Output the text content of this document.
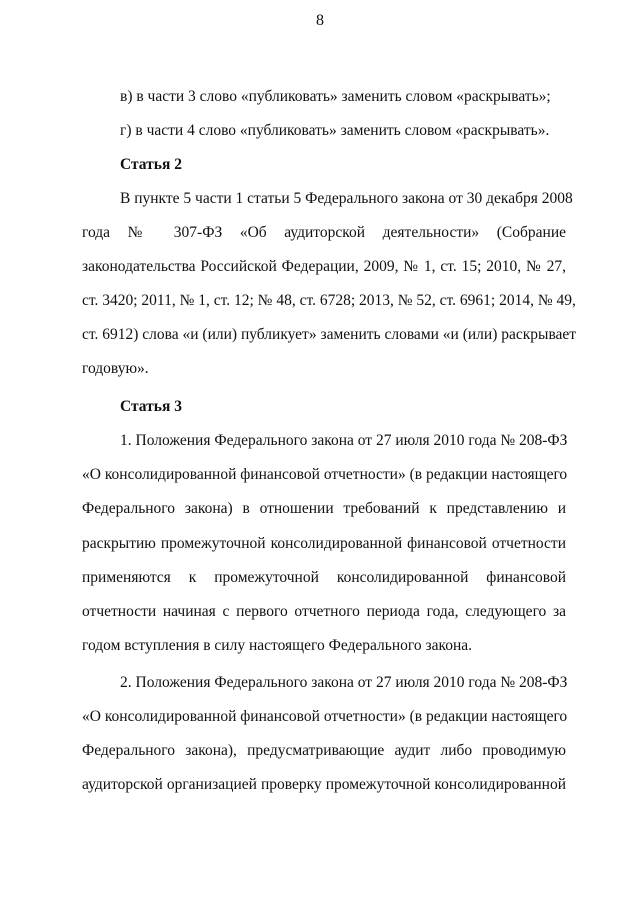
8
в) в части 3 слово «публиковать» заменить словом «раскрывать»;
г) в части 4 слово «публиковать» заменить словом «раскрывать».
Статья 2
В пункте 5 части 1 статьи 5 Федерального закона от 30 декабря 2008
года № 307-ФЗ «Об аудиторской деятельности» (Собрание
законодательства Российской Федерации, 2009, № 1, ст. 15; 2010, № 27,
ст. 3420; 2011, № 1, ст. 12; № 48, ст. 6728; 2013, № 52, ст. 6961; 2014, № 49,
ст. 6912) слова «и (или) публикует» заменить словами «и (или) раскрывает
годовую».
Статья 3
1. Положения Федерального закона от 27 июля 2010 года № 208-ФЗ
«О консолидированной финансовой отчетности» (в редакции настоящего
Федерального закона) в отношении требований к представлению и
раскрытию промежуточной консолидированной финансовой отчетности
применяются к промежуточной консолидированной финансовой
отчетности начиная с первого отчетного периода года, следующего за
годом вступления в силу настоящего Федерального закона.
2. Положения Федерального закона от 27 июля 2010 года № 208-ФЗ
«О консолидированной финансовой отчетности» (в редакции настоящего
Федерального закона), предусматривающие аудит либо проводимую
аудиторской организацией проверку промежуточной консолидированной
